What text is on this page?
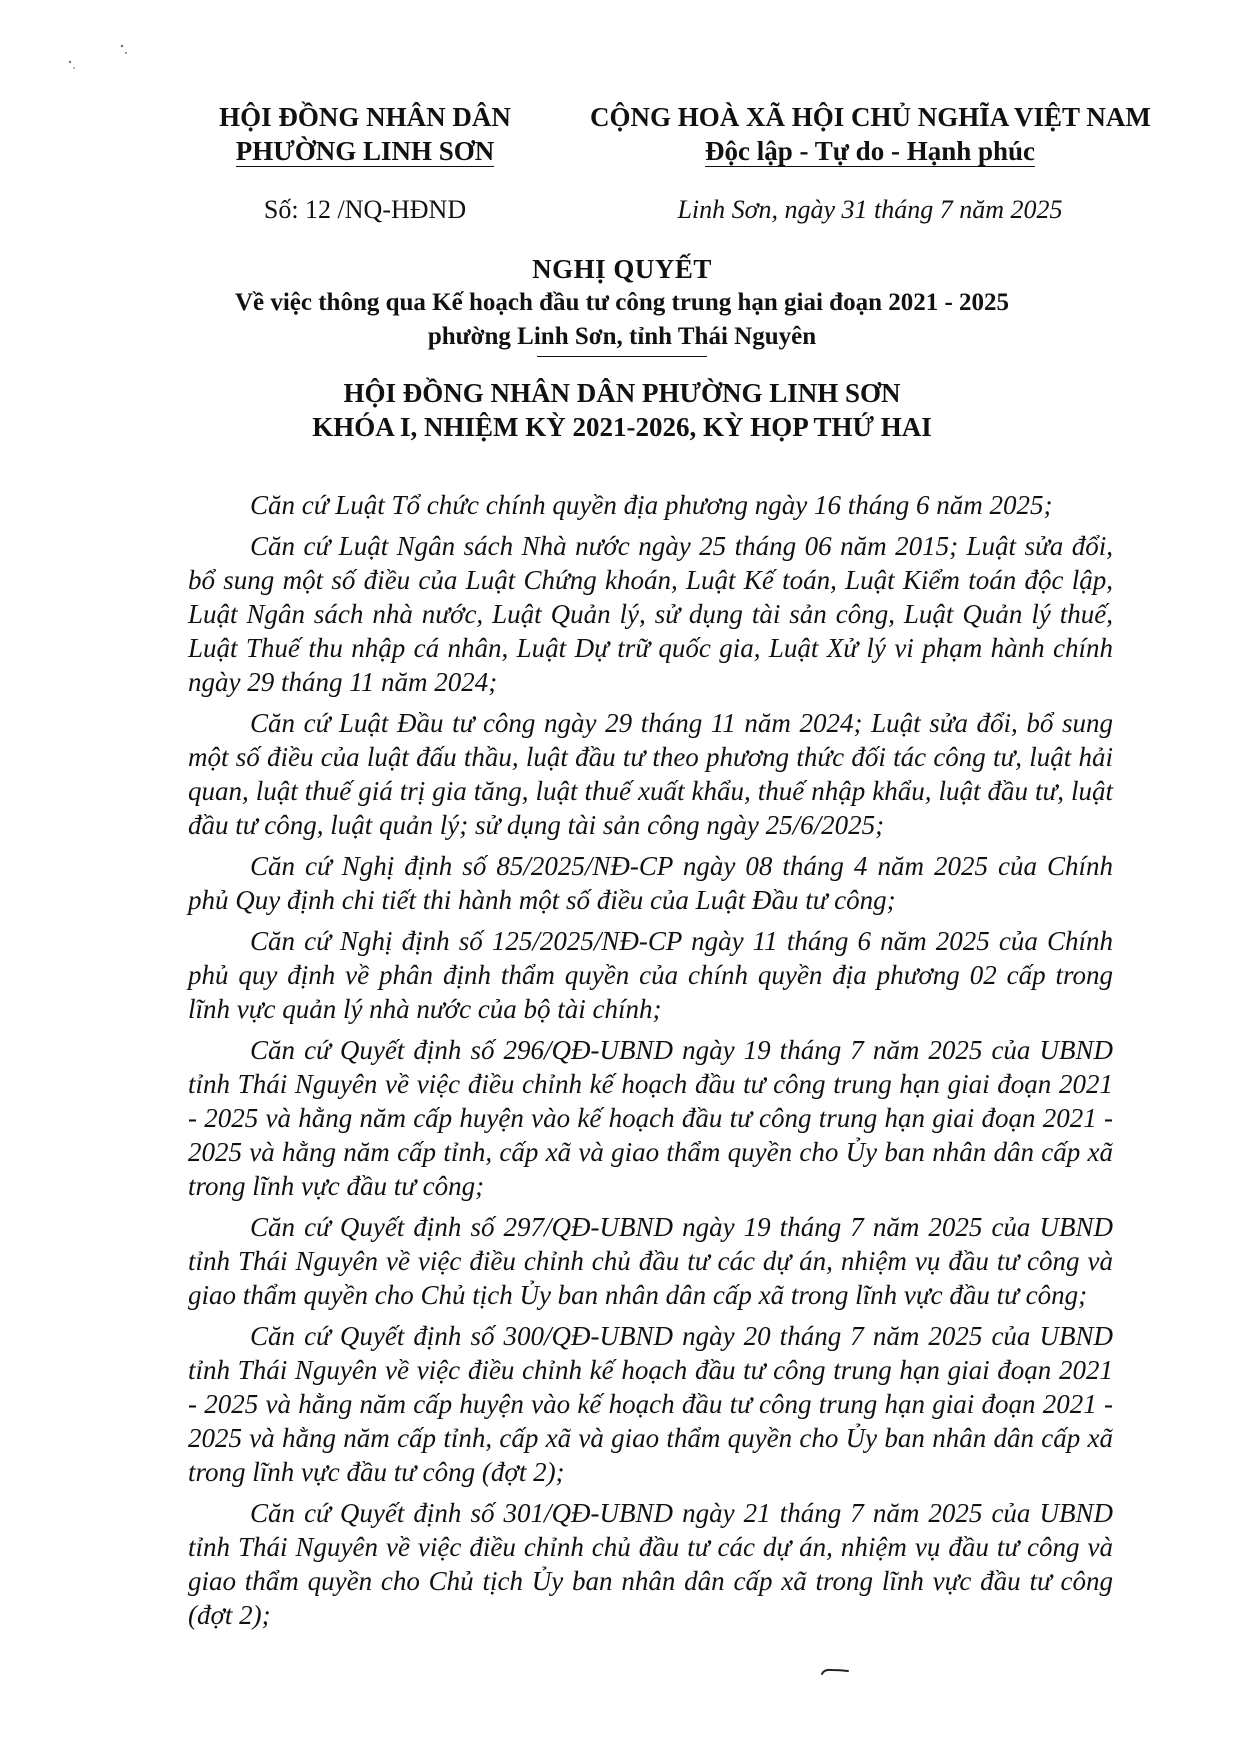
HỘI ĐỒNG NHÂN DÂN
PHƯỜNG LINH SƠN
Số: 12 /NQ-HĐND
CỘNG HOÀ XÃ HỘI CHỦ NGHĨA VIỆT NAM
Độc lập - Tự do - Hạnh phúc
Linh Sơn, ngày 31 tháng 7 năm 2025
NGHỊ QUYẾT
Về việc thông qua Kế hoạch đầu tư công trung hạn giai đoạn 2021 - 2025
phường Linh Sơn, tỉnh Thái Nguyên
HỘI ĐỒNG NHÂN DÂN PHƯỜNG LINH SƠN
KHÓA I, NHIỆM KỲ 2021-2026, KỲ HỌP THỨ HAI

Căn cứ Luật Tổ chức chính quyền địa phương ngày 16 tháng 6 năm 2025;

Căn cứ Luật Ngân sách Nhà nước ngày 25 tháng 06 năm 2015; Luật sửa đổi, bổ sung một số điều của Luật Chứng khoán, Luật Kế toán, Luật Kiểm toán độc lập, Luật Ngân sách nhà nước, Luật Quản lý, sử dụng tài sản công, Luật Quản lý thuế, Luật Thuế thu nhập cá nhân, Luật Dự trữ quốc gia, Luật Xử lý vi phạm hành chính ngày 29 tháng 11 năm 2024;

Căn cứ Luật Đầu tư công ngày 29 tháng 11 năm 2024; Luật sửa đổi, bổ sung một số điều của luật đấu thầu, luật đầu tư theo phương thức đối tác công tư, luật hải quan, luật thuế giá trị gia tăng, luật thuế xuất khẩu, thuế nhập khẩu, luật đầu tư, luật đầu tư công, luật quản lý; sử dụng tài sản công ngày 25/6/2025;

Căn cứ Nghị định số 85/2025/NĐ-CP ngày 08 tháng 4 năm 2025 của Chính phủ Quy định chi tiết thi hành một số điều của Luật Đầu tư công;

Căn cứ Nghị định số 125/2025/NĐ-CP ngày 11 tháng 6 năm 2025 của Chính phủ quy định về phân định thẩm quyền của chính quyền địa phương 02 cấp trong lĩnh vực quản lý nhà nước của bộ tài chính;

Căn cứ Quyết định số 296/QĐ-UBND ngày 19 tháng 7 năm 2025 của UBND tỉnh Thái Nguyên về việc điều chỉnh kế hoạch đầu tư công trung hạn giai đoạn 2021 - 2025 và hằng năm cấp huyện vào kế hoạch đầu tư công trung hạn giai đoạn 2021 - 2025 và hằng năm cấp tỉnh, cấp xã và giao thẩm quyền cho Ủy ban nhân dân cấp xã trong lĩnh vực đầu tư công;

Căn cứ Quyết định số 297/QĐ-UBND ngày 19 tháng 7 năm 2025 của UBND tỉnh Thái Nguyên về việc điều chỉnh chủ đầu tư các dự án, nhiệm vụ đầu tư công và giao thẩm quyền cho Chủ tịch Ủy ban nhân dân cấp xã trong lĩnh vực đầu tư công;

Căn cứ Quyết định số 300/QĐ-UBND ngày 20 tháng 7 năm 2025 của UBND tỉnh Thái Nguyên về việc điều chỉnh kế hoạch đầu tư công trung hạn giai đoạn 2021 - 2025 và hằng năm cấp huyện vào kế hoạch đầu tư công trung hạn giai đoạn 2021 - 2025 và hằng năm cấp tỉnh, cấp xã và giao thẩm quyền cho Ủy ban nhân dân cấp xã trong lĩnh vực đầu tư công (đợt 2);

Căn cứ Quyết định số 301/QĐ-UBND ngày 21 tháng 7 năm 2025 của UBND tỉnh Thái Nguyên về việc điều chỉnh chủ đầu tư các dự án, nhiệm vụ đầu tư công và giao thẩm quyền cho Chủ tịch Ủy ban nhân dân cấp xã trong lĩnh vực đầu tư công (đợt 2);
